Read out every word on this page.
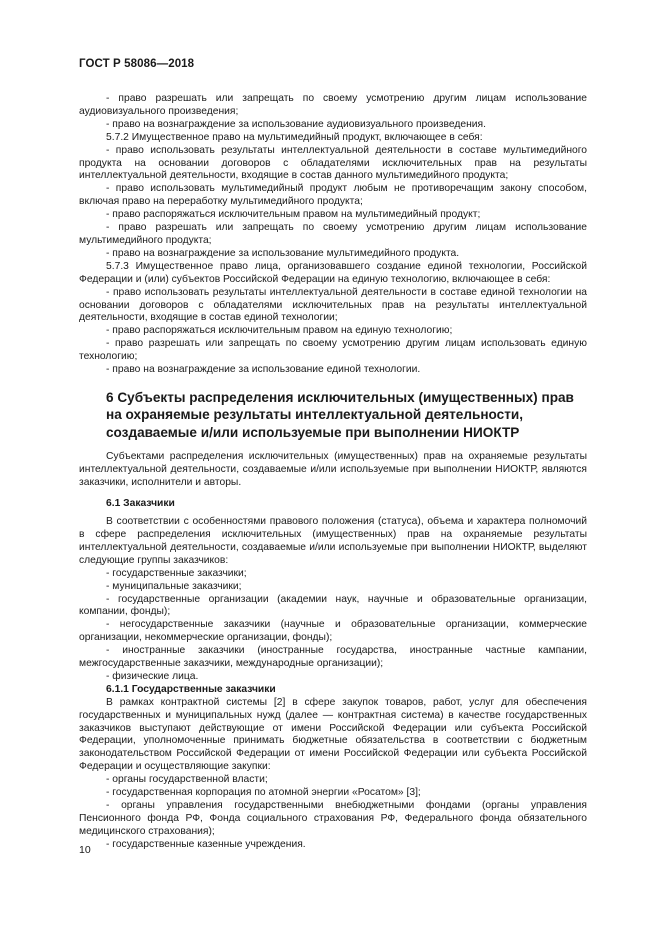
ГОСТ Р 58086—2018

- право разрешать или запрещать по своему усмотрению другим лицам использование аудиовизуального произведения;

- право на вознаграждение за использование аудиовизуального произведения.

5.7.2 Имущественное право на мультимедийный продукт, включающее в себя:

- право использовать результаты интеллектуальной деятельности в составе мультимедийного продукта на основании договоров с обладателями исключительных прав на результаты интеллектуальной деятельности, входящие в состав данного мультимедийного продукта;

- право использовать мультимедийный продукт любым не противоречащим закону способом, включая право на переработку мультимедийного продукта;

- право распоряжаться исключительным правом на мультимедийный продукт;

- право разрешать или запрещать по своему усмотрению другим лицам использование мультимедийного продукта;

- право на вознаграждение за использование мультимедийного продукта.

5.7.3 Имущественное право лица, организовавшего создание единой технологии, Российской Федерации и (или) субъектов Российской Федерации на единую технологию, включающее в себя:

- право использовать результаты интеллектуальной деятельности в составе единой технологии на основании договоров с обладателями исключительных прав на результаты интеллектуальной деятельности, входящие в состав единой технологии;

- право распоряжаться исключительным правом на единую технологию;

- право разрешать или запрещать по своему усмотрению другим лицам использовать единую технологию;

- право на вознаграждение за использование единой технологии.

6 Субъекты распределения исключительных (имущественных) прав на охраняемые результаты интеллектуальной деятельности, создаваемые и/или используемые при выполнении НИОКТР

Субъектами распределения исключительных (имущественных) прав на охраняемые результаты интеллектуальной деятельности, создаваемые и/или используемые при выполнении НИОКТР, являются заказчики, исполнители и авторы.

6.1 Заказчики

В соответствии с особенностями правового положения (статуса), объема и характера полномочий в сфере распределения исключительных (имущественных) прав на охраняемые результаты интеллектуальной деятельности, создаваемые и/или используемые при выполнении НИОКТР, выделяют следующие группы заказчиков:

- государственные заказчики;

- муниципальные заказчики;

- государственные организации (академии наук, научные и образовательные организации, компании, фонды);

- негосударственные заказчики (научные и образовательные организации, коммерческие организации, некоммерческие организации, фонды);

- иностранные заказчики (иностранные государства, иностранные частные кампании, межгосударственные заказчики, международные организации);

- физические лица.

6.1.1 Государственные заказчики

В рамках контрактной системы [2] в сфере закупок товаров, работ, услуг для обеспечения государственных и муниципальных нужд (далее — контрактная система) в качестве государственных заказчиков выступают действующие от имени Российской Федерации или субъекта Российской Федерации, уполномоченные принимать бюджетные обязательства в соответствии с бюджетным законодательством Российской Федерации от имени Российской Федерации или субъекта Российской Федерации и осуществляющие закупки:

- органы государственной власти;

- государственная корпорация по атомной энергии «Росатом» [3];

- органы управления государственными внебюджетными фондами (органы управления Пенсионного фонда РФ, Фонда социального страхования РФ, Федерального фонда обязательного медицинского страхования);

- государственные казенные учреждения.

10
